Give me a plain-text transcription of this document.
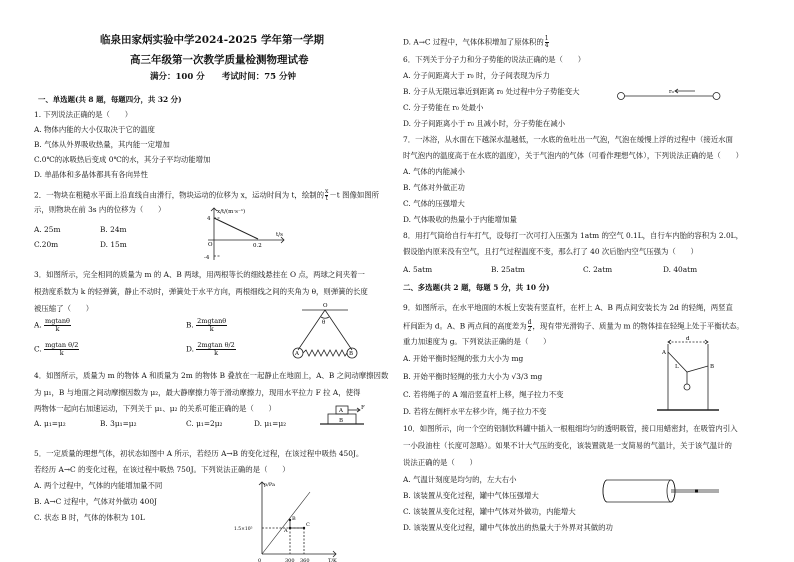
临泉田家炳实验中学2024-2025 学年第一学期
高三年级第一次教学质量检测物理试卷
满分：100 分　　考试时间：75 分钟
一、单选题(共 8 题，每题四分，共 32 分)
1. 下列说法正确的是（　　）
A. 物体内能的大小仅取决于它的温度
B. 气体从外界吸收热量，其内能一定增加
C.0℃的冰吸热后变成 0℃的水，其分子平均动能增加
D. 单晶体和多晶体都具有各向异性
2．一物块在粗糙水平面上沿直线自由滑行，物块运动的位移为 x，运动时间为 t，绘制的 $\frac{x}{t} -t$ 图像如图所
示，则物块在前 3s 内的位移为（　　）
A. 25m	B. 24m
C.20m	D. 15m
x/t/(m·s⁻¹)
t/s
O
4
0.2
-4
3．如图所示，完全相同的质量为 m 的 A、B 两球，用两根等长的细线悬挂在 O 点，两球之间夹着一
根劲度系数为 k 的轻弹簧，静止不动时，弹簧处于水平方向，两根细线之间的夹角为 θ，则弹簧的长度
被压缩了（　　）
A. $\frac{mgtan\theta}{k}$	B. $\frac{2mgtan\theta}{k}$
C. $\frac{\text{mgtan θ/2}}{k}$	D. $\frac{\text{2mgtan θ/2}}{k}$
O
θ
A	B
4．如图所示，质量为 m 的物体 A 和质量为 2m 的物体 B 叠放在一起静止在地面上，A、B 之间动摩擦因数
为 μ₁，B 与地面之间动摩擦因数为 μ₂，最大静摩擦力等于滑动摩擦力，现用水平拉力 F 拉 A，使得
两物体一起向右加速运动，下列关于 μ₁、μ₂ 的关系可能正确的是（　　）
A. μ₁=μ₂	B. 3μ₁=μ₂	C. μ₁=2μ₂	D. μ₁=μ₂
A
B
F
5．一定质量的理想气体，初状态如图中 A 所示，若经历 A→B 的变化过程，在该过程中吸热 450J。
若经历 A→C 的变化过程，在该过程中吸热 750J。下列说法正确的是（　　）
A. 两个过程中，气体的内能增加量不同
B. A→C 过程中，气体对外做功 400J
C. 状态 B 时，气体的体积为 10L
p/Pa
T/K
1.5×10⁵
0	300 360
A
B
C
D. A→C 过程中，气体体积增加了原体积的 $\frac{1}{4}$
6．下列关于分子力和分子势能的说法正确的是（　　）
A. 分子间距离大于 r₀ 时，分子间表现为斥力
B. 分子从无限远靠近到距离 r₀ 处过程中分子势能变大
C. 分子势能在 r₀ 处最小
D. 分子间距离小于 r₀ 且减小时，分子势能在减小
r₀
7．一沐浴，从水面在下越深水温越低，一水底的鱼吐出一气泡，气泡在缓慢上浮的过程中（接近水面
时气泡内的温度高于在水底的温度），关于气泡内的气体（可看作理想气体），下列说法正确的是（　　）
A. 气体的内能减小
B. 气体对外做正功
C. 气体的压强增大
D. 气体吸收的热量小于内能增加量
8．用打气筒给自行车打气，设每打一次可打入压强为 1atm 的空气 0.1L，自行车内胎的容积为 2.0L，
假设胎内原来没有空气，且打气过程温度不变，那么打了 40 次后胎内空气压强为（　　）
A. 5atm	B. 25atm	C. 2atm	D. 40atm
二、多选题(共 2 题，每题 5 分，共 10 分)
9．如图所示，在水平地面的木板上安装有竖直杆，在杆上 A、B 两点间安装长为 2d 的轻绳，两竖直
杆间距为 d。A、B 两点间的高度差为 $\frac{d}{2}$ ，现有带光滑钩子、质量为 m 的物体挂在轻绳上处于平衡状态。
重力加速度为 g。下列说法正确的是（　　）
A. 开始平衡时轻绳的张力大小为 mg
B. 开始平衡时轻绳的张力大小为 √3/3 mg
C. 若将绳子的 A 端沿竖直杆上移，绳子拉力不变
D. 若将左侧杆水平左移少许，绳子拉力不变
d
A
B
L
10．如图所示，向一个空的铝制饮料罐中插入一根粗细均匀的透明吸管，接口用蜡密封，在吸管内引入
一小段油柱（长度可忽略）。如果不计大气压的变化，该装置就是一支简易的气温计，关于该气温计的
说法正确的是（　　）
A. 气温计刻度是均匀的，左大右小
B. 该装置从变化过程，罐中气体压强增大
C. 该装置从变化过程，罐中气体对外做功，内能增大
D. 该装置从变化过程，罐中气体放出的热量大于外界对其做的功
